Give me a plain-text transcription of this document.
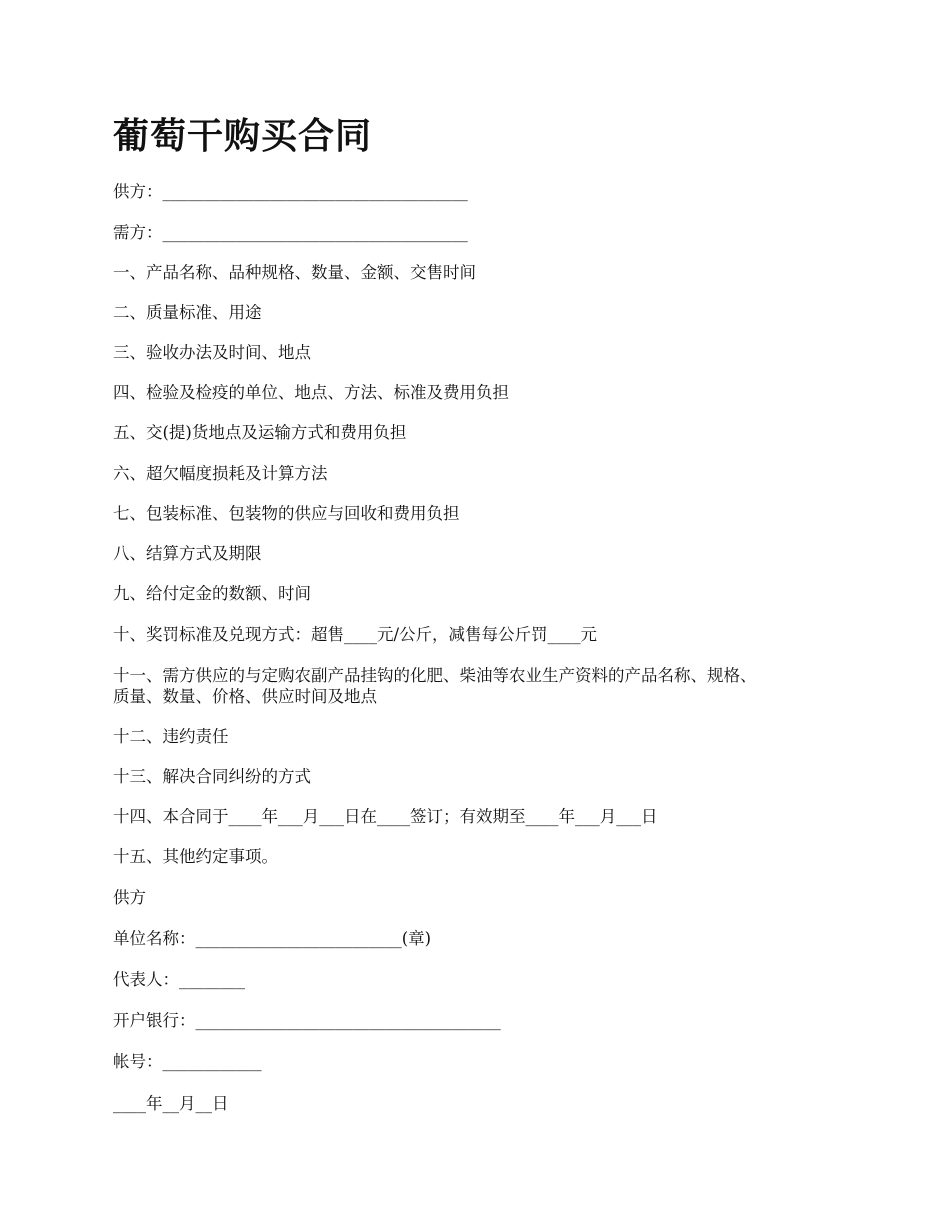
葡萄干购买合同

供方：_____________________________________

需方：_____________________________________

一、产品名称、品种规格、数量、金额、交售时间

二、质量标准、用途

三、验收办法及时间、地点

四、检验及检疫的单位、地点、方法、标准及费用负担

五、交(提)货地点及运输方式和费用负担

六、超欠幅度损耗及计算方法

七、包装标准、包装物的供应与回收和费用负担

八、结算方式及期限

九、给付定金的数额、时间

十、奖罚标准及兑现方式：超售____元/公斤，减售每公斤罚____元

十一、需方供应的与定购农副产品挂钩的化肥、柴油等农业生产资料的产品名称、规格、

质量、数量、价格、供应时间及地点

十二、违约责任

十三、解决合同纠纷的方式

十四、本合同于____年___月___日在____签订；有效期至____年___月___日

十五、其他约定事项。

供方

单位名称：_________________________(章)

代表人：________

开户银行：_____________________________________

帐号：____________

____年__月__日
